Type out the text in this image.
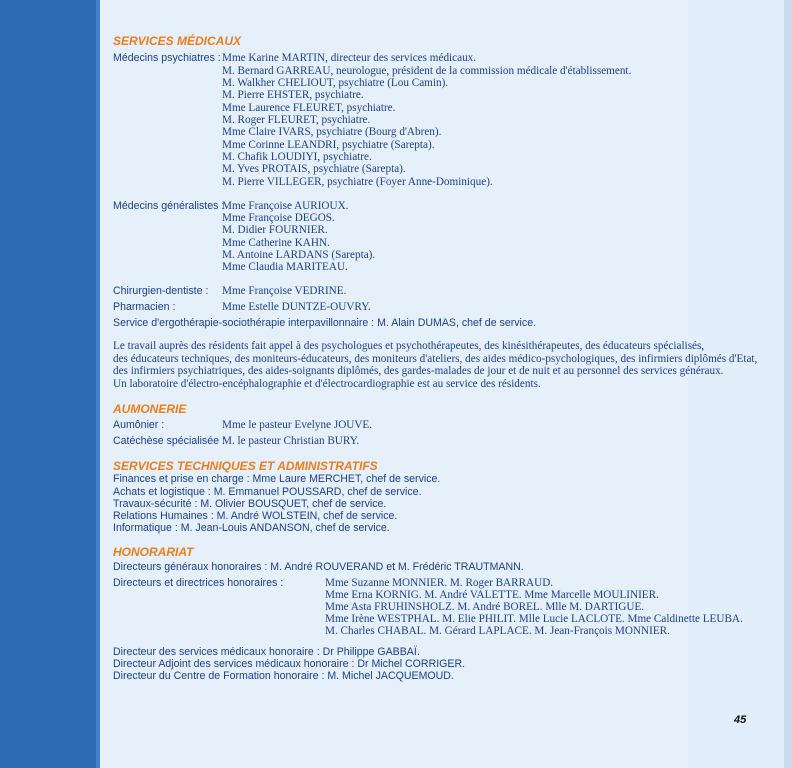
SERVICES MÉDICAUX
Médecins psychiatres : Mme Karine MARTIN, directeur des services médicaux.
M. Bernard GARREAU, neurologue, président de la commission médicale d'établissement.
M. Walkher CHELIOUT, psychiatre (Lou Camin).
M. Pierre EHSTER, psychiatre.
Mme Laurence FLEURET, psychiatre.
M. Roger FLEURET, psychiatre.
Mme Claire IVARS, psychiatre (Bourg d'Abren).
Mme Corinne LEANDRI, psychiatre (Sarepta).
M. Chafik LOUDIYI, psychiatre.
M. Yves PROTAIS, psychiatre (Sarepta).
M. Pierre VILLEGER, psychiatre (Foyer Anne-Dominique).
Médecins généralistes :
Mme Françoise AURIOUX.
Mme Françoise DEGOS.
M. Didier FOURNIER.
Mme Catherine KAHN.
M. Antoine LARDANS (Sarepta).
Mme Claudia MARITEAU.
Chirurgien-dentiste : Mme Françoise VEDRINE.
Pharmacien :	Mme Estelle DUNTZE-OUVRY.
Service d'ergothérapie-sociothérapie interpavillonnaire : M. Alain DUMAS, chef de service.
Le travail auprès des résidents fait appel à des psychologues et psychothérapeutes, des kinésithérapeutes, des éducateurs spécialisés,
des éducateurs techniques, des moniteurs-éducateurs, des moniteurs d'ateliers, des aides médico-psychologiques, des infirmiers diplômés d'Etat,
des infirmiers psychiatriques, des aides-soignants diplômés, des gardes-malades de jour et de nuit et au personnel des services généraux.
Un laboratoire d'électro-encéphalographie et d'électrocardiographie est au service des résidents.
AUMONERIE
Aumônier :	Mme le pasteur Evelyne JOUVE.
Catéchèse spécialisée :
M. le pasteur Christian BURY.
SERVICES TECHNIQUES ET ADMINISTRATIFS
Finances et prise en charge : Mme Laure MERCHET, chef de service.
Achats et logistique : M. Emmanuel POUSSARD, chef de service.
Travaux-sécurité : M. Olivier BOUSQUET, chef de service.
Relations Humaines : M. André WOLSTEIN, chef de service.
Informatique : M. Jean-Louis ANDANSON, chef de service.
HONORARIAT
Directeurs généraux honoraires : M. André ROUVERAND et M. Frédéric TRAUTMANN.
Directeurs et directrices honoraires :	Mme Suzanne MONNIER. M. Roger BARRAUD.
Mme Erna KORNIG. M. André VALETTE. Mme Marcelle MOULINIER.
Mme Asta FRUHINSHOLZ. M. André BOREL. Mlle M. DARTIGUE.
Mme Irène WESTPHAL. M. Elie PHILIT. Mlle Lucie LACLOTE. Mme Caldinette LEUBA.
M. Charles CHABAL. M. Gérard LAPLACE. M. Jean-François MONNIER.
Directeur des services médicaux honoraire : Dr Philippe GABBAÏ.
Directeur Adjoint des services médicaux honoraire : Dr Michel CORRIGER.
Directeur du Centre de Formation honoraire : M. Michel JACQUEMOUD.
45
